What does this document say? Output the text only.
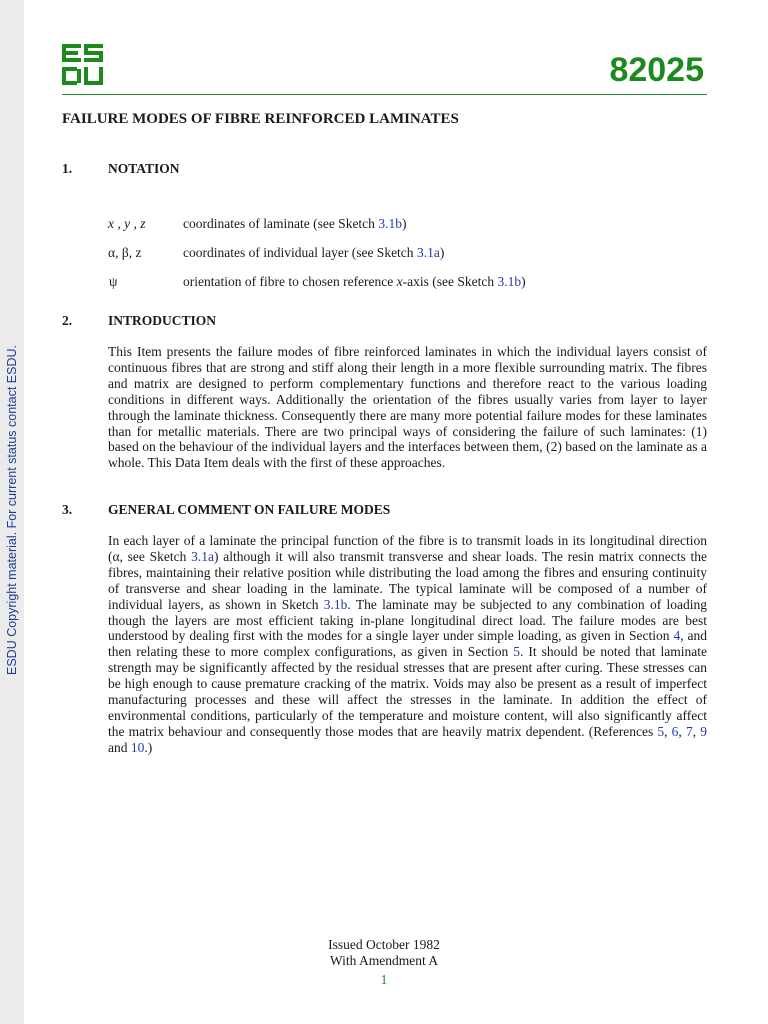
ESDU Copyright material. For current status contact ESDU.
82025
FAILURE MODES OF FIBRE REINFORCED LAMINATES
1.	NOTATION
x , y , z	coordinates of laminate (see Sketch 3.1b)
α, β, z	coordinates of individual layer (see Sketch 3.1a)
ψ	orientation of fibre to chosen reference x-axis (see Sketch 3.1b)
2.	INTRODUCTION
This Item presents the failure modes of fibre reinforced laminates in which the individual layers consist of continuous fibres that are strong and stiff along their length in a more flexible surrounding matrix. The fibres and matrix are designed to perform complementary functions and therefore react to the various loading conditions in different ways. Additionally the orientation of the fibres usually varies from layer to layer through the laminate thickness. Consequently there are many more potential failure modes for these laminates than for metallic materials. There are two principal ways of considering the failure of such laminates: (1) based on the behaviour of the individual layers and the interfaces between them, (2) based on the laminate as a whole. This Data Item deals with the first of these approaches.
3.	GENERAL COMMENT ON FAILURE MODES
In each layer of a laminate the principal function of the fibre is to transmit loads in its longitudinal direction (α, see Sketch 3.1a) although it will also transmit transverse and shear loads. The resin matrix connects the fibres, maintaining their relative position while distributing the load among the fibres and ensuring continuity of transverse and shear loading in the laminate. The typical laminate will be composed of a number of individual layers, as shown in Sketch 3.1b. The laminate may be subjected to any combination of loading though the layers are most efficient taking in-plane longitudinal direct load. The failure modes are best understood by dealing first with the modes for a single layer under simple loading, as given in Section 4, and then relating these to more complex configurations, as given in Section 5. It should be noted that laminate strength may be significantly affected by the residual stresses that are present after curing. These stresses can be high enough to cause premature cracking of the matrix. Voids may also be present as a result of imperfect manufacturing processes and these will affect the stresses in the laminate. In addition the effect of environmental conditions, particularly of the temperature and moisture content, will also significantly affect the matrix behaviour and consequently those modes that are heavily matrix dependent. (References 5, 6, 7, 9 and 10.)
Issued October 1982
With Amendment A
1
